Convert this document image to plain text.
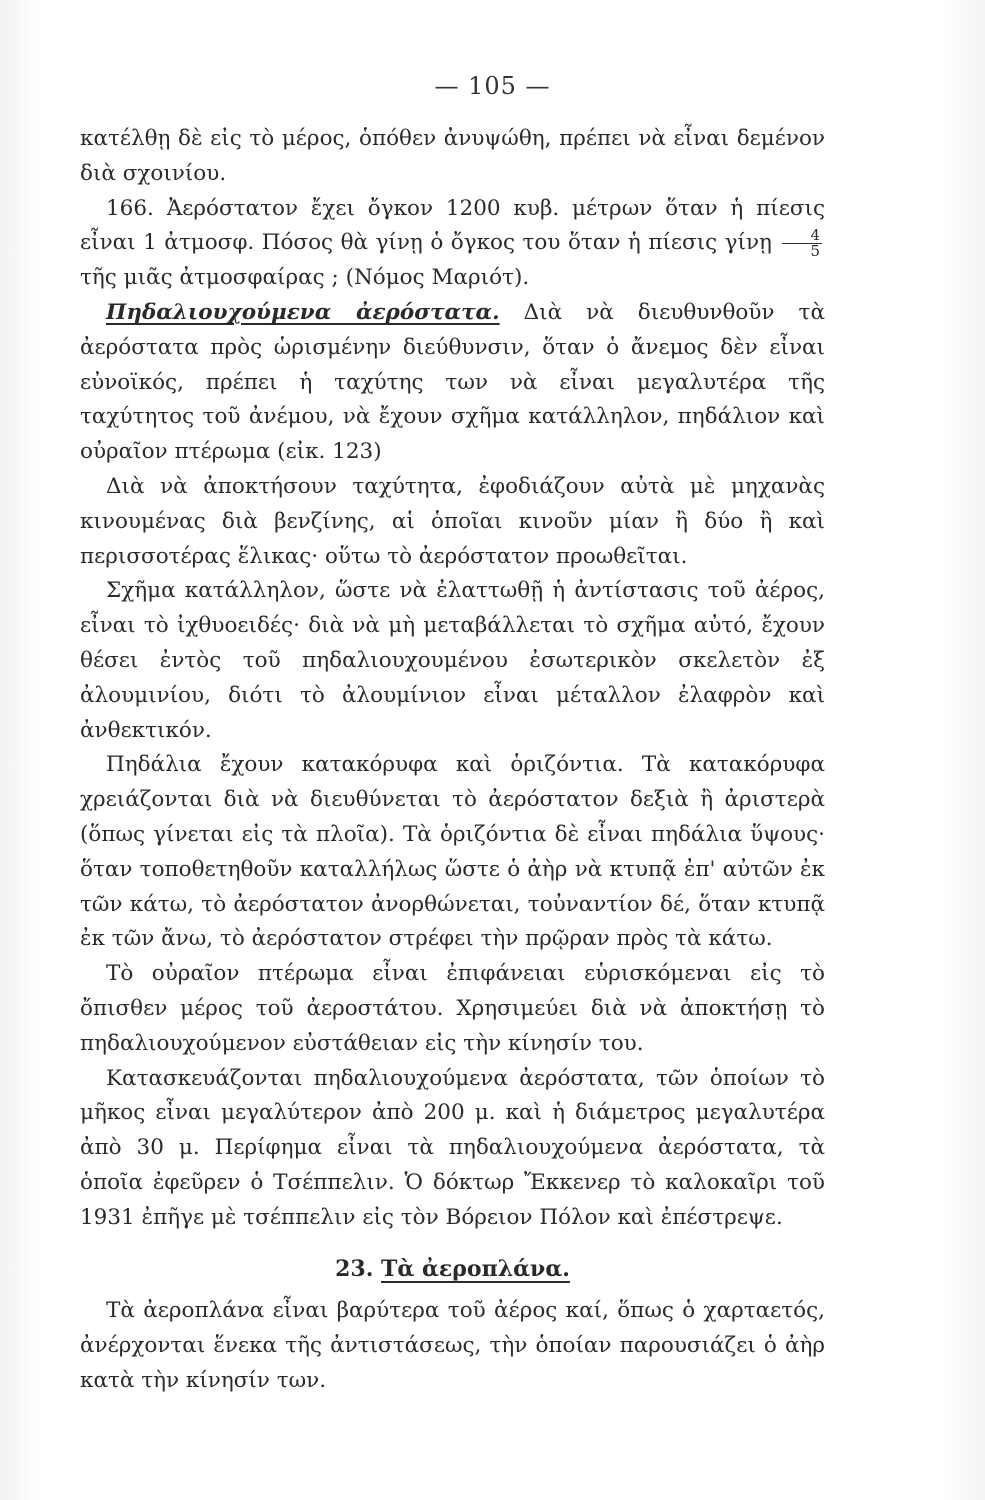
— 105 —

κατέλθῃ δὲ εἰς τὸ μέρος, ὁπόθεν ἀνυψώθη, πρέπει νὰ εἶναι δεμένον διὰ σχοινίου.

166. Ἀερόστατον ἔχει ὄγκον 1200 κυβ. μέτρων ὅταν ἡ πίεσις εἶναι 1 ἀτμοσφ. Πόσος θὰ γίνῃ ὁ ὄγκος του ὅταν ἡ πίεσις γίνῃ $\frac{4}{5}$
τῆς μιᾶς ἀτμοσφαίρας ; (Νόμος Μαριότ).

Πηδαλιουχούμενα ἀερόστατα. Διὰ νὰ διευθυνθοῦν τὰ ἀερόστατα πρὸς ὡρισμένην διεύθυνσιν, ὅταν ὁ ἄνεμος δὲν εἶναι εὐνοϊκός, πρέπει ἡ ταχύτης των νὰ εἶναι μεγαλυτέρα τῆς ταχύτητος τοῦ ἀνέμου, νὰ ἔχουν σχῆμα κατάλληλον, πηδάλιον καὶ οὐραῖον πτέρωμα (εἰκ. 123)

Διὰ νὰ ἀποκτήσουν ταχύτητα, ἐφοδιάζουν αὐτὰ μὲ μηχανὰς κινουμένας διὰ βενζίνης, αἱ ὁποῖαι κινοῦν μίαν ἢ δύο ἢ καὶ περισσοτέρας ἕλικας· οὕτω τὸ ἀερόστατον προωθεῖται.

Σχῆμα κατάλληλον, ὥστε νὰ ἐλαττωθῇ ἡ ἀντίστασις τοῦ ἀέρος, εἶναι τὸ ἰχθυοειδές· διὰ νὰ μὴ μεταβάλλεται τὸ σχῆμα αὐτό, ἔχουν θέσει ἐντὸς τοῦ πηδαλιουχουμένου ἐσωτερικὸν σκελετὸν ἐξ ἀλουμινίου, διότι τὸ ἀλουμίνιον εἶναι μέταλλον ἐλαφρὸν καὶ ἀνθεκτικόν.

Πηδάλια ἔχουν κατακόρυφα καὶ ὁριζόντια. Τὰ κατακόρυφα χρειάζονται διὰ νὰ διευθύνεται τὸ ἀερόστατον δεξιὰ ἢ ἀριστερὰ (ὅπως γίνεται εἰς τὰ πλοῖα). Τὰ ὁριζόντια δὲ εἶναι πηδάλια ὕψους· ὅταν τοποθετηθοῦν καταλλήλως ὥστε ὁ ἀὴρ νὰ κτυπᾷ ἐπ' αὐτῶν ἐκ τῶν κάτω, τὸ ἀερόστατον ἀνορθώνεται, τοὐναντίον δέ, ὅταν κτυπᾷ ἐκ τῶν ἄνω, τὸ ἀερόστατον στρέφει τὴν πρῷραν πρὸς τὰ κάτω.

Τὸ οὐραῖον πτέρωμα εἶναι ἐπιφάνειαι εὑρισκόμεναι εἰς τὸ ὄπισθεν μέρος τοῦ ἀεροστάτου. Χρησιμεύει διὰ νὰ ἀποκτήσῃ τὸ πηδαλιουχούμενον εὐστάθειαν εἰς τὴν κίνησίν του.

Κατασκευάζονται πηδαλιουχούμενα ἀερόστατα, τῶν ὁποίων τὸ μῆκος εἶναι μεγαλύτερον ἀπὸ 200 μ. καὶ ἡ διάμετρος μεγαλυτέρα ἀπὸ 30 μ. Περίφημα εἶναι τὰ πηδαλιουχούμενα ἀερόστατα, τὰ ὁποῖα ἐφεῦρεν ὁ Τσέππελιν. Ὁ δόκτωρ Ἔκκενερ τὸ καλοκαῖρι τοῦ 1931 ἐπῆγε μὲ τσέππελιν εἰς τὸν Βόρειον Πόλον καὶ ἐπέστρεψε.

23. Τὰ ἀεροπλάνα.

Τὰ ἀεροπλάνα εἶναι βαρύτερα τοῦ ἀέρος καί, ὅπως ὁ χαρταετός, ἀνέρχονται ἕνεκα τῆς ἀντιστάσεως, τὴν ὁποίαν παρουσιάζει ὁ ἀὴρ κατὰ τὴν κίνησίν των.
